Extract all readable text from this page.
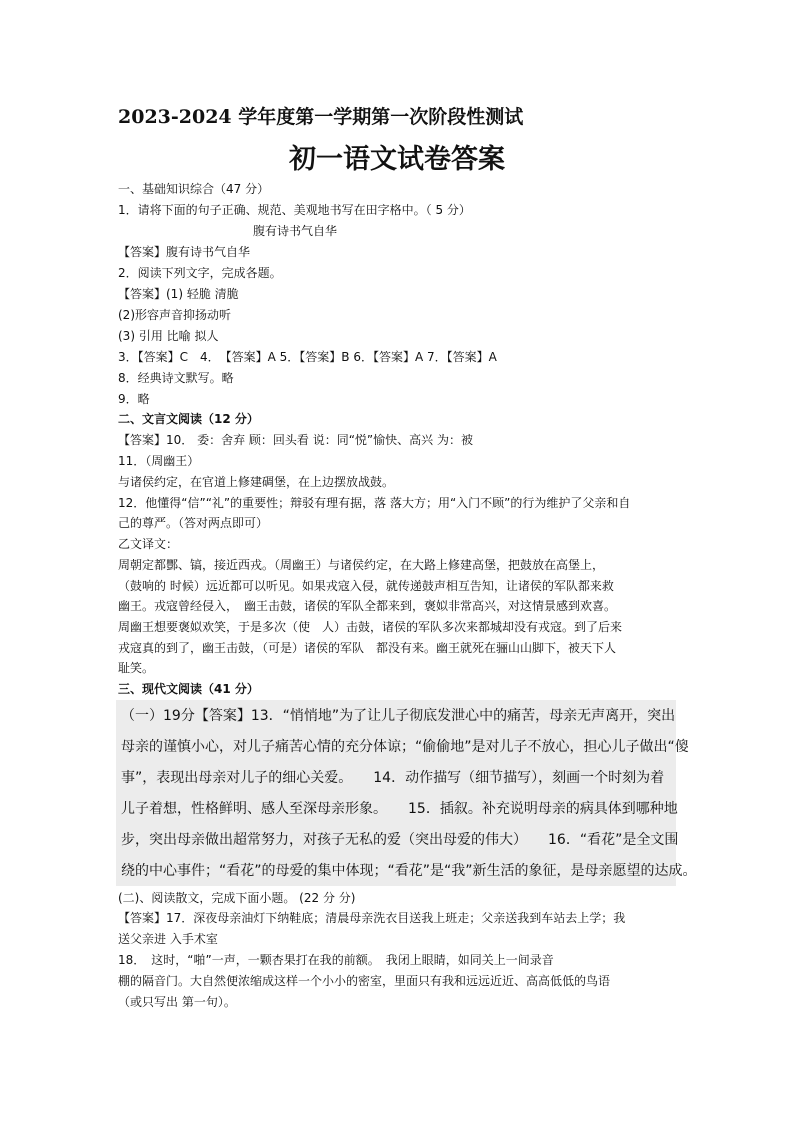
2023-2024 学年度第一学期第一次阶段性测试
初一语文试卷答案
一、基础知识综合（47 分）
1．请将下面的句子正确、规范、美观地书写在田字格中。（ 5 分）
腹有诗书气自华
【答案】腹有诗书气自华
2．阅读下列文字，完成各题。
【答案】(1) 轻脆 清脆
(2)形容声音抑扬动听
(3) 引用 比喻 拟人
3．【答案】C　4．　【答案】A 5．【答案】B 6．【答案】A 7．【答案】A
8．经典诗文默写。略
9．略
二、文言文阅读（12 分）
【答案】10． 委：舍弃 顾：回头看 说：同“悦”愉快、高兴 为：被
11．（周幽王）
与诸侯约定，在官道上修建碉堡，在上边摆放战鼓。
12．他懂得“信”“礼”的重要性；辩驳有理有据，落 落大方；用“入门不顾”的行为维护了父亲和自
己的尊严。（答对两点即可）
乙文译文：
周朝定都酆、镐，接近西戎。（周幽王）与诸侯约定，在大路上修建高堡，把鼓放在高堡上，
（鼓响的 时候）远近都可以听见。如果戎寇入侵，就传递鼓声相互告知，让诸侯的军队都来救
幽王。戎寇曾经侵入，　幽王击鼓，诸侯的军队全都来到，褒姒非常高兴，对这情景感到欢喜。
周幽王想要褒姒欢笑，于是多次（使　人）击鼓，诸侯的军队多次来都城却没有戎寇。到了后来
戎寇真的到了，幽王击鼓，（可是）诸侯的军队　都没有来。幽王就死在骊山山脚下，被天下人
耻笑。
三、现代文阅读（41 分）
（一）19分【答案】13．“悄悄地”为了让儿子彻底发泄心中的痛苦，母亲无声离开，突出
母亲的谨慎小心，对儿子痛苦心情的充分体谅；“偷偷地”是对儿子不放心，担心儿子做出“傻
事”，表现出母亲对儿子的细心关爱。　　14．动作描写（细节描写），刻画一个时刻为着
儿子着想，性格鲜明、感人至深母亲形象。　　15．插叙。补充说明母亲的病具体到哪种地
步，突出母亲做出超常努力，对孩子无私的爱（突出母爱的伟大）　　16．“看花”是全文围
绕的中心事件；“看花”的母爱的集中体现；“看花”是“我”新生活的象征，是母亲愿望的达成。
(二)、阅读散文，完成下面小题。 (22 分 分)
【答案】17．深夜母亲油灯下纳鞋底；清晨母亲洗衣目送我上班走；父亲送我到车站去上学；我
送父亲进 入手术室
18．　这时，“啪”一声，一颗杏果打在我的前额。　我闭上眼睛，如同关上一间录音
棚的隔音门。大自然便浓缩成这样一个小小的密室，里面只有我和远远近近、高高低低的鸟语
（或只写出 第一句）。
